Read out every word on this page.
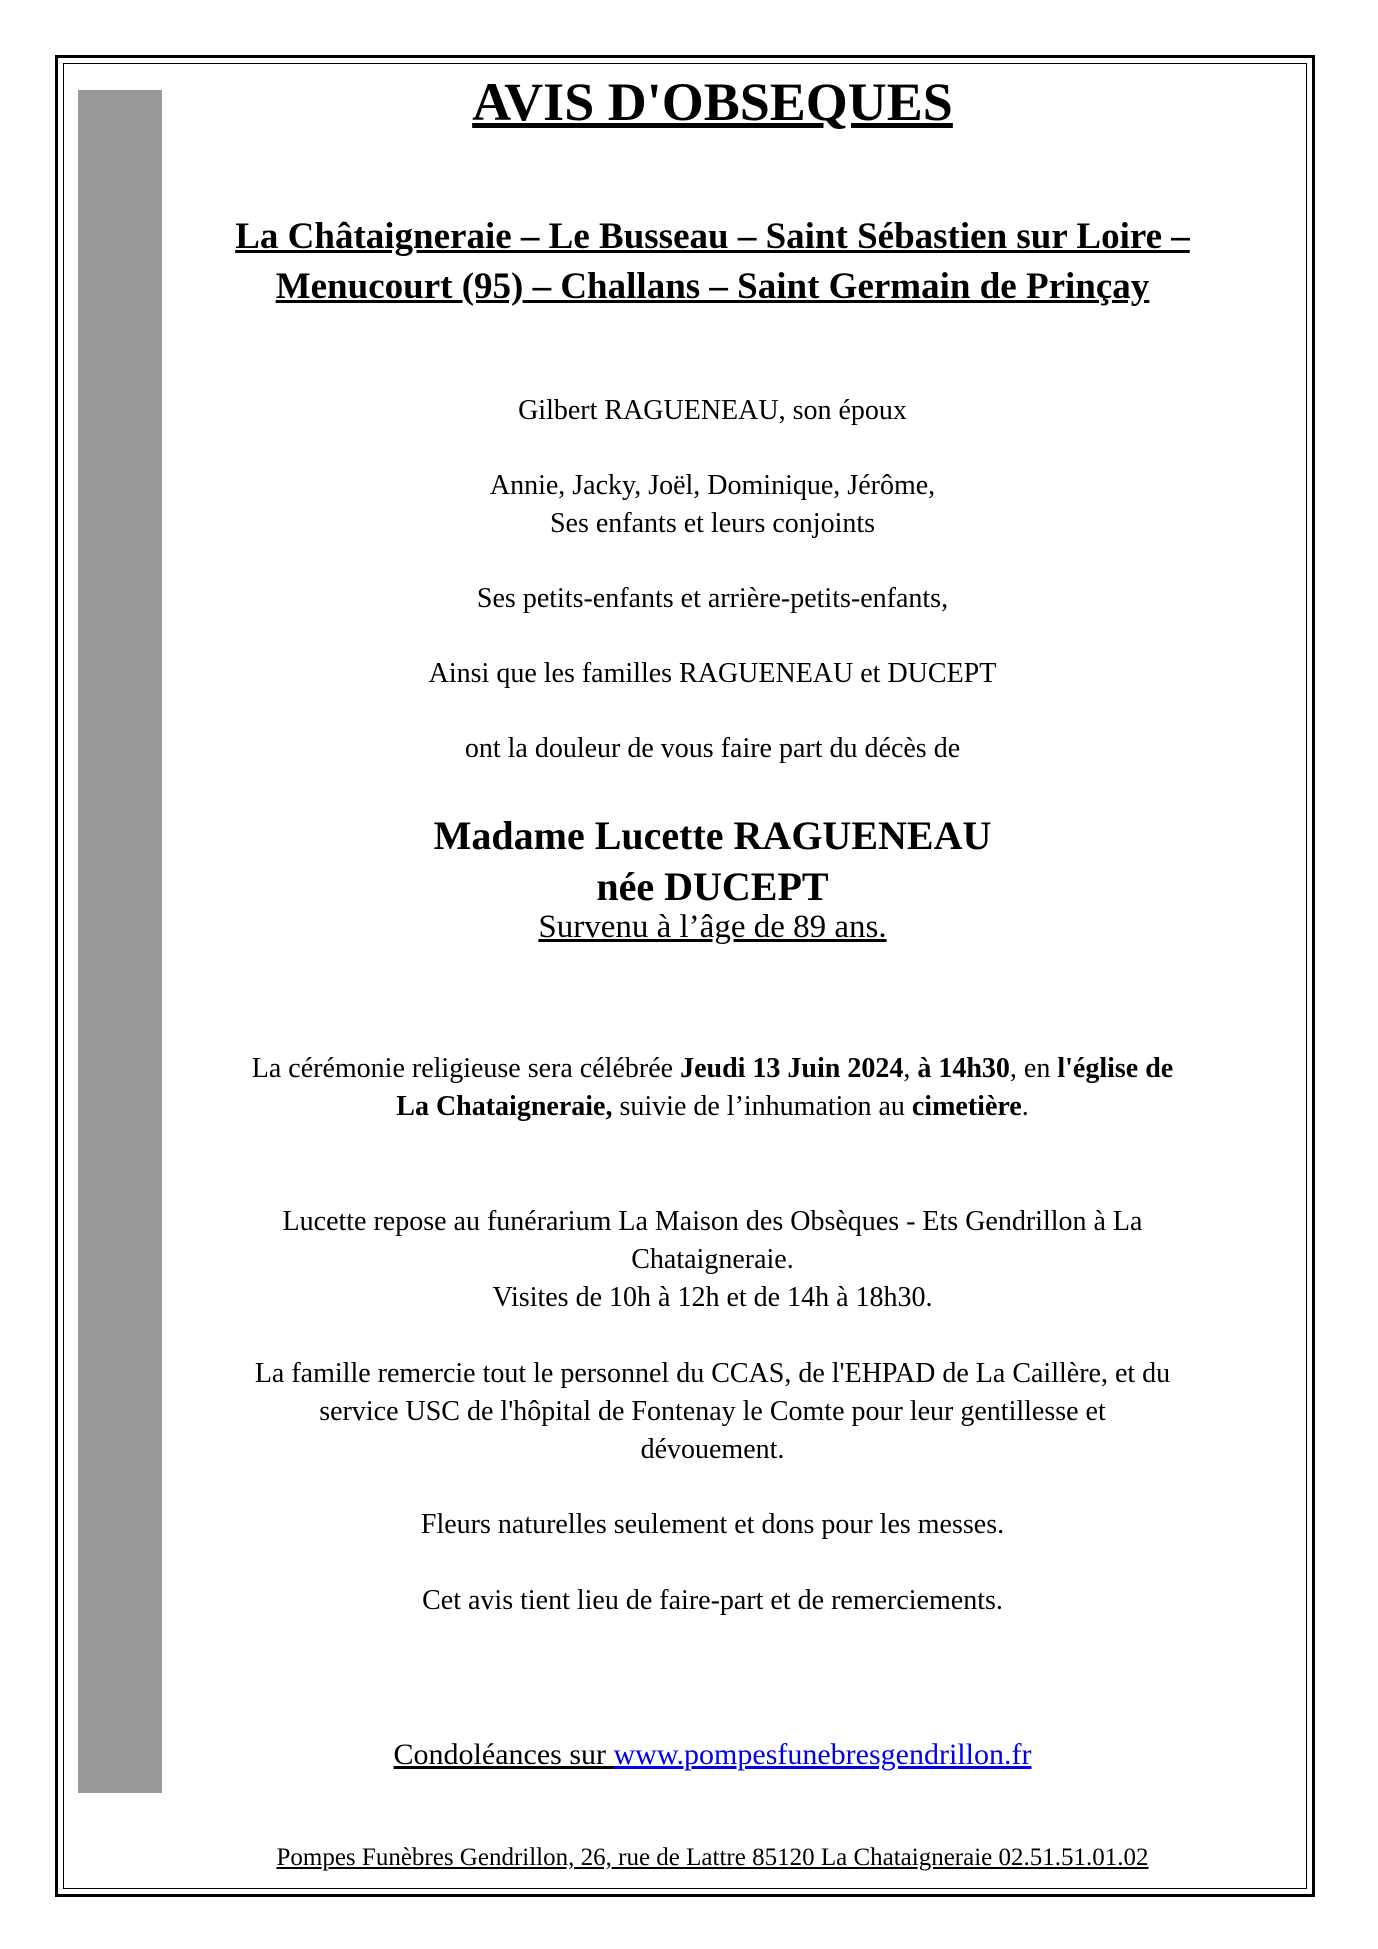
AVIS D'OBSEQUES
La Châtaigneraie – Le Busseau – Saint Sébastien sur Loire –
Menucourt (95) – Challans – Saint Germain de Prinçay

Gilbert RAGUENEAU, son époux

Annie, Jacky, Joël, Dominique, Jérôme,

Ses enfants et leurs conjoints

Ses petits-enfants et arrière-petits-enfants,

Ainsi que les familles RAGUENEAU et DUCEPT

ont la douleur de vous faire part du décès de

Madame Lucette RAGUENEAU

née DUCEPT

Survenu à l’âge de 89 ans.

La cérémonie religieuse sera célébrée Jeudi 13 Juin 2024, à 14h30, en l'église de

La Chataigneraie, suivie de l’inhumation au cimetière.

Lucette repose au funérarium La Maison des Obsèques - Ets Gendrillon à La

Chataigneraie.

Visites de 10h à 12h et de 14h à 18h30.

La famille remercie tout le personnel du CCAS, de l'EHPAD de La Caillère, et du

service USC de l'hôpital de Fontenay le Comte pour leur gentillesse et

dévouement.

Fleurs naturelles seulement et dons pour les messes.

Cet avis tient lieu de faire-part et de remerciements.

Condoléances sur www.pompesfunebresgendrillon.fr

Pompes Funèbres Gendrillon, 26, rue de Lattre 85120 La Chataigneraie 02.51.51.01.02
